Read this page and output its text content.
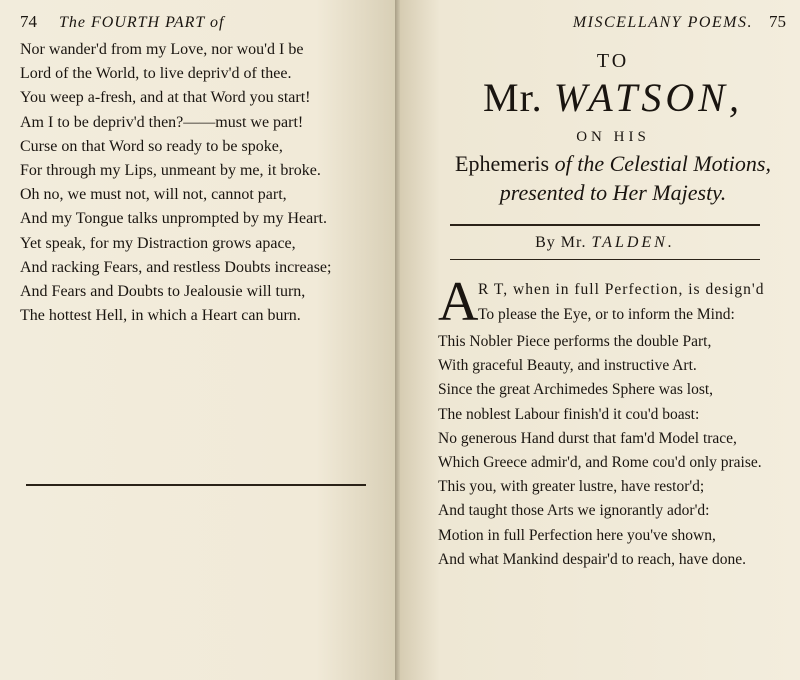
74 The FOURTH PART of
Nor wander'd from my Love, nor wou'd I be
Lord of the World, to live depriv'd of thee.
You weep a-fresh, and at that Word you start!
Am I to be depriv'd then?——must we part!
Curse on that Word so ready to be spoke,
For through my Lips, unmeant by me, it broke.
Oh no, we must not, will not, cannot part,
And my Tongue talks unprompted by my Heart.
Yet speak, for my Distraction grows apace,
And racking Fears, and restless Doubts increase;
And Fears and Doubts to Jealousie will turn,
The hottest Hell, in which a Heart can burn.
MISCELLANY POEMS. 75
TO
Mr. WATSON,
ON HIS
Ephemeris of the Celestial Motions,
presented to Her Majesty.
By Mr. TALDEN.
A R T, when in full Perfection, is design'd
To please the Eye, or to inform the Mind:
This Nobler Piece performs the double Part,
With graceful Beauty, and instructive Art.
Since the great Archimedes Sphere was lost,
The noblest Labour finish'd it cou'd boast:
No generous Hand durst that fam'd Model trace,
Which Greece admir'd, and Rome cou'd only praise.
This you, with greater lustre, have restor'd;
And taught those Arts we ignorantly ador'd:
Motion in full Perfection here you've shown,
And what Mankind despair'd to reach, have done.
